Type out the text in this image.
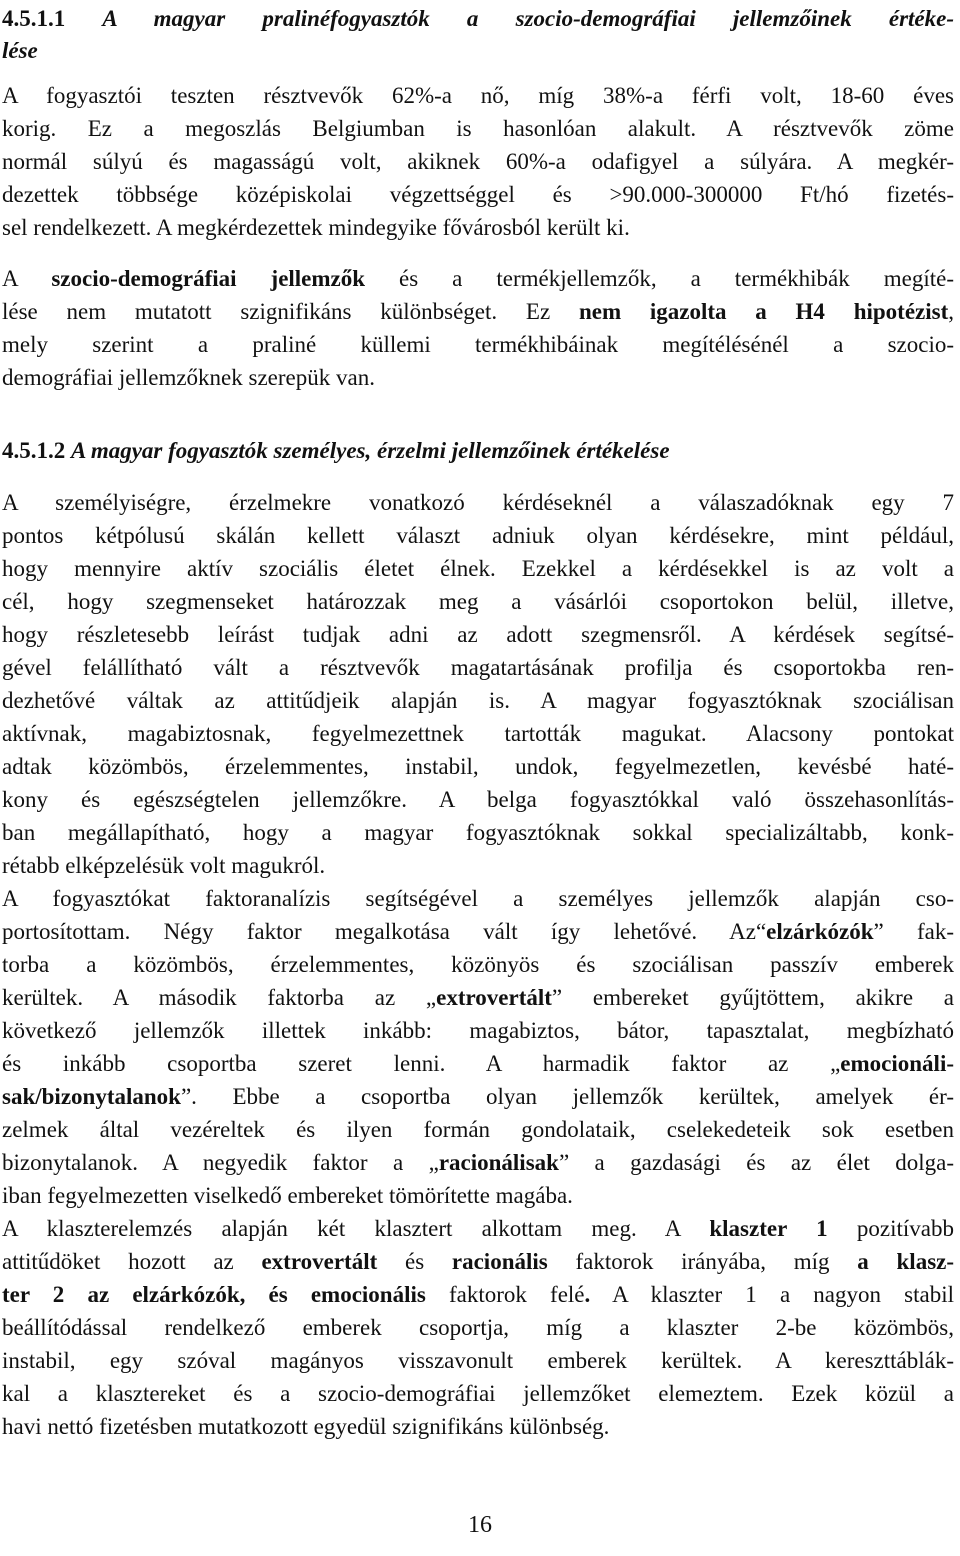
4.5.1.1 A magyar pralinéfogyasztók a szocio-demográfiai jellemzőinek értéke-
lése
A fogyasztói teszten résztvevők 62%-a nő, míg 38%-a férfi volt, 18-60 éves
korig. Ez a megoszlás Belgiumban is hasonlóan alakult. A résztvevők zöme
normál súlyú és magasságú volt, akiknek 60%-a odafigyel a súlyára. A megkér-
dezettek többsége középiskolai végzettséggel és >90.000-300000 Ft/hó fizetés-
sel rendelkezett. A megkérdezettek mindegyike fővárosból került ki.
A szocio-demográfiai jellemzők és a termékjellemzők, a termékhibák megíté-
lése nem mutatott szignifikáns különbséget. Ez nem igazolta a H4 hipotézist,
mely szerint a praliné küllemi termékhibáinak megítélésénél a szocio-
demográfiai jellemzőknek szerepük van.
4.5.1.2 A magyar fogyasztók személyes, érzelmi jellemzőinek értékelése
A személyiségre, érzelmekre vonatkozó kérdéseknél a válaszadóknak egy 7
pontos kétpólusú skálán kellett választ adniuk olyan kérdésekre, mint például,
hogy mennyire aktív szociális életet élnek. Ezekkel a kérdésekkel is az volt a
cél, hogy szegmenseket határozzak meg a vásárlói csoportokon belül, illetve,
hogy részletesebb leírást tudjak adni az adott szegmensről. A kérdések segítsé-
gével felállítható vált a résztvevők magatartásának profilja és csoportokba ren-
dezhetővé váltak az attitűdjeik alapján is. A magyar fogyasztóknak szociálisan
aktívnak, magabiztosnak, fegyelmezettnek tartották magukat. Alacsony pontokat
adtak közömbös, érzelemmentes, instabil, undok, fegyelmezetlen, kevésbé haté-
kony és egészségtelen jellemzőkre. A belga fogyasztókkal való összehasonlítás-
ban megállapítható, hogy a magyar fogyasztóknak sokkal specializáltabb, konk-
rétabb elképzelésük volt magukról.
A fogyasztókat faktoranalízis segítségével a személyes jellemzők alapján cso-
portosítottam. Négy faktor megalkotása vált így lehetővé. Az“elzárkózók” fak-
torba a közömbös, érzelemmentes, közönyös és szociálisan passzív emberek
kerültek. A második faktorba az „extrovertált” embereket gyűjtöttem, akikre a
következő jellemzők illettek inkább: magabiztos, bátor, tapasztalat, megbízható
és inkább csoportba szeret lenni. A harmadik faktor az „emocionáli-
sak/bizonytalanok”. Ebbe a csoportba olyan jellemzők kerültek, amelyek ér-
zelmek által vezéreltek és ilyen formán gondolataik, cselekedeteik sok esetben
bizonytalanok. A negyedik faktor a „racionálisak” a gazdasági és az élet dolga-
iban fegyelmezetten viselkedő embereket tömörítette magába.
A klaszterelemzés alapján két klasztert alkottam meg. A klaszter 1 pozitívabb
attitűdöket hozott az extrovertált és racionális faktorok irányába, míg a klasz-
ter 2 az elzárkózók, és emocionális faktorok felé. A klaszter 1 a nagyon stabil
beállítódással rendelkező emberek csoportja, míg a klaszter 2-be közömbös,
instabil, egy szóval magányos visszavonult emberek kerültek. A kereszttáblák-
kal a klasztereket és a szocio-demográfiai jellemzőket elemeztem. Ezek közül a
havi nettó fizetésben mutatkozott egyedül szignifikáns különbség.
16
